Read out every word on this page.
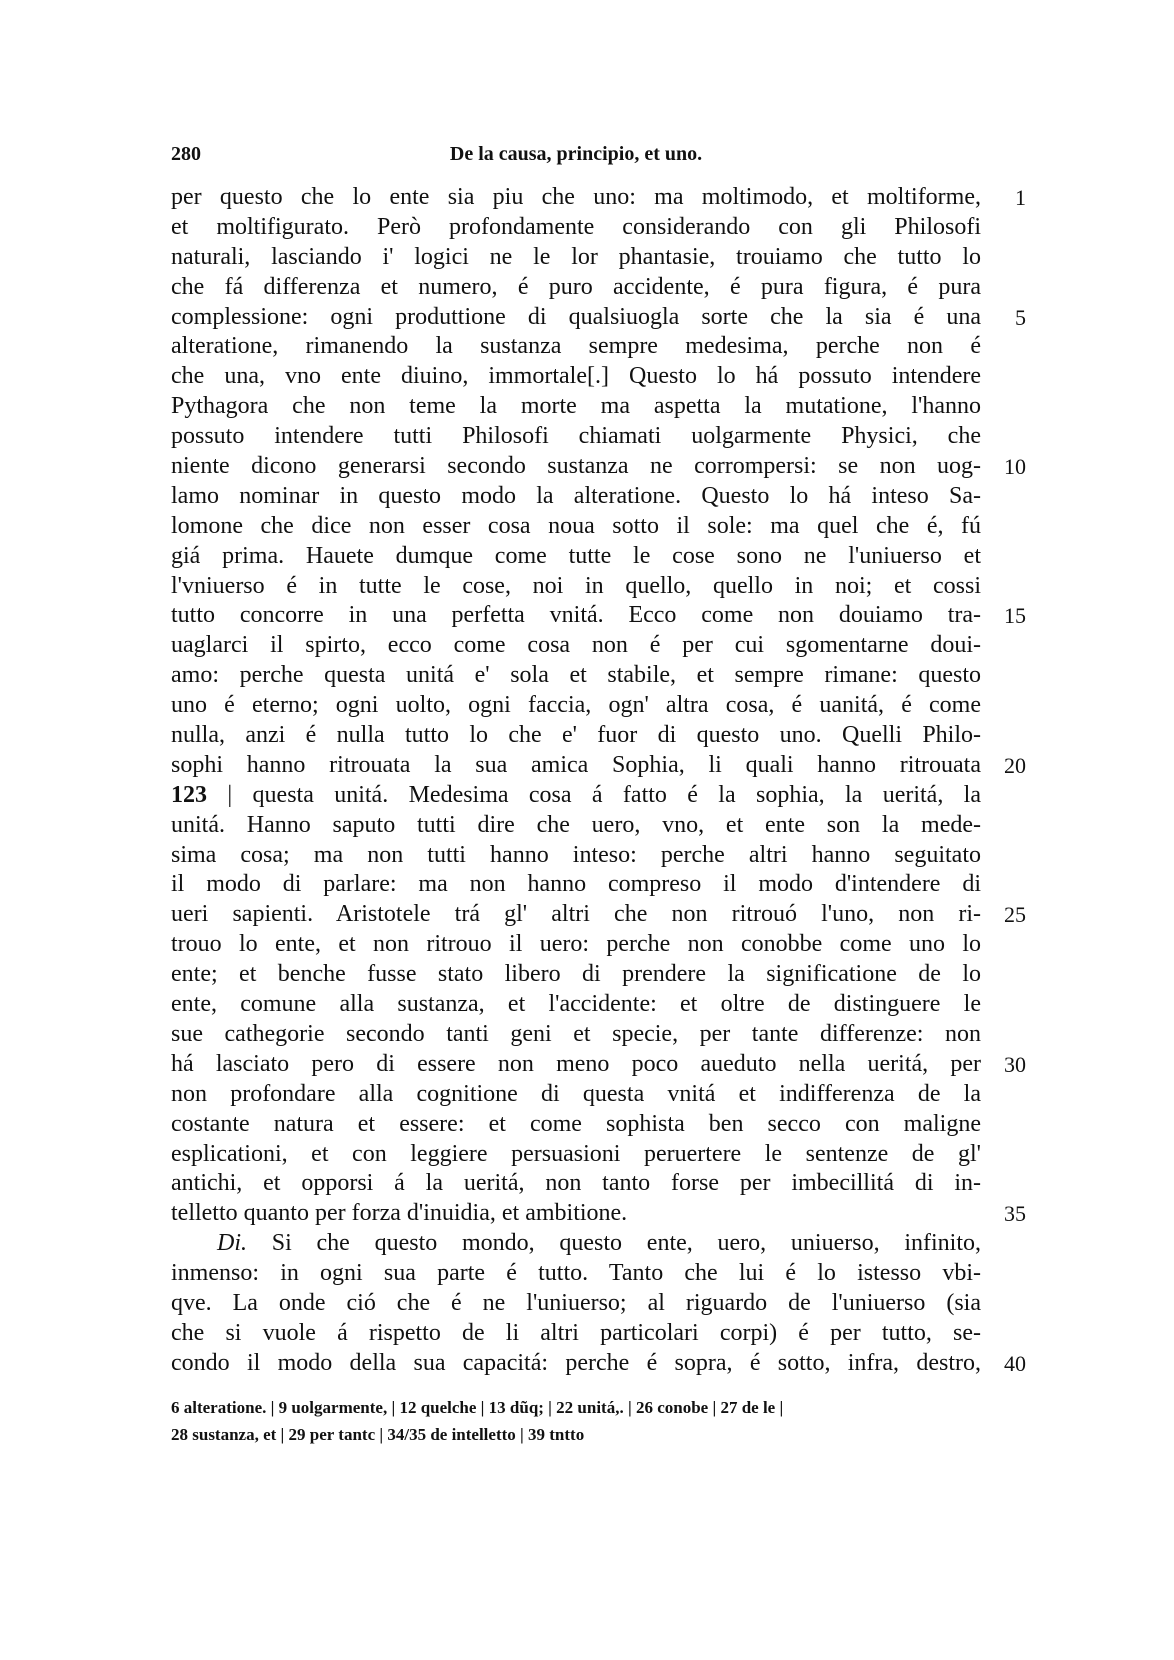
280	De la causa, principio, et uno.
per questo che lo ente sia piu che uno: ma moltimodo, et moltiforme,	1
et moltifigurato. Però profondamente considerando con gli Philosofi
naturali, lasciando i' logici ne le lor phantasie, trouiamo che tutto lo
che fá differenza et numero, é puro accidente, é pura figura, é pura
complessione: ogni produttione di qualsiuogla sorte che la sia é una	5
alteratione, rimanendo la sustanza sempre medesima, perche non é
che una, vno ente diuino, immortale[.] Questo lo há possuto intendere
Pythagora che non teme la morte ma aspetta la mutatione, l'hanno
possuto intendere tutti Philosofi chiamati uolgarmente Physici, che
niente dicono generarsi secondo sustanza ne corrompersi: se non uog-	10
lamo nominar in questo modo la alteratione. Questo lo há inteso Sa-
lomone che dice non esser cosa noua sotto il sole: ma quel che é, fú
giá prima. Hauete dumque come tutte le cose sono ne l'uniuerso et
l'vniuerso é in tutte le cose, noi in quello, quello in noi; et cossi
tutto concorre in una perfetta vnitá. Ecco come non douiamo tra-	15
uaglarci il spirto, ecco come cosa non é per cui sgomentarne doui-
amo: perche questa unitá e' sola et stabile, et sempre rimane: questo
uno é eterno; ogni uolto, ogni faccia, ogn' altra cosa, é uanitá, é come
nulla, anzi é nulla tutto lo che e' fuor di questo uno. Quelli Philo-
sophi hanno ritrouata la sua amica Sophia, li quali hanno ritrouata	20
123 | questa unitá. Medesima cosa á fatto é la sophia, la ueritá, la
unitá. Hanno saputo tutti dire che uero, vno, et ente son la mede-
sima cosa; ma non tutti hanno inteso: perche altri hanno seguitato
il modo di parlare: ma non hanno compreso il modo d'intendere di
ueri sapienti. Aristotele trá gl' altri che non ritrouó l'uno, non ri-	25
trouo lo ente, et non ritrouo il uero: perche non conobbe come uno lo
ente; et benche fusse stato libero di prendere la significatione de lo
ente, comune alla sustanza, et l'accidente: et oltre de distinguere le
sue cathegorie secondo tanti geni et specie, per tante differenze: non
há lasciato pero di essere non meno poco aueduto nella ueritá, per	30
non profondare alla cognitione di questa vnitá et indifferenza de la
costante natura et essere: et come sophista ben secco con maligne
esplicationi, et con leggiere persuasioni peruertere le sentenze de gl'
antichi, et opporsi á la ueritá, non tanto forse per imbecillitá di in-
telletto quanto per forza d'inuidia, et ambitione.	35
Di. Si che questo mondo, questo ente, uero, uniuerso, infinito,
inmenso: in ogni sua parte é tutto. Tanto che lui é lo istesso vbi-
qve. La onde ció che é ne l'uniuerso; al riguardo de l'uniuerso (sia
che si vuole á rispetto de li altri particolari corpi) é per tutto, se-
condo il modo della sua capacitá: perche é sopra, é sotto, infra, destro,	40
6 alteratione. | 9 uolgarmente, | 12 quelche | 13 dũq; | 22 unitá,. | 26 conobe | 27 de le |
28 sustanza, et | 29 per tantc | 34/35 de intelletto | 39 tntto
